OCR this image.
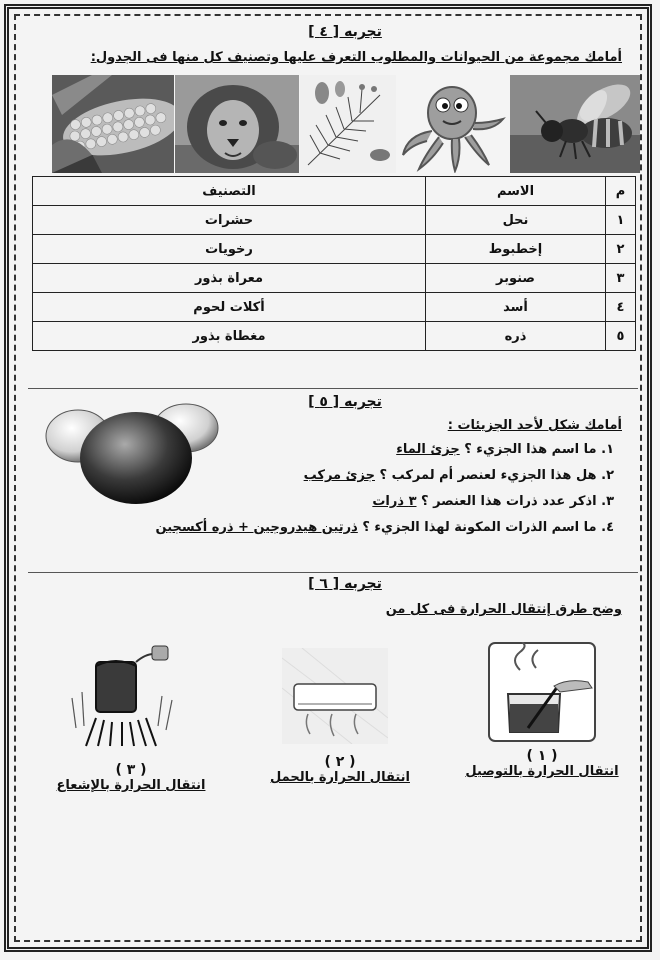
تجربه [ ٤ ]
أمامك مجموعة من الحيوانات والمطلوب التعرف عليها وتصنيف كل منها فى الجدول:
م	الاسم	التصنيف
١	نحل	حشرات
٢	إخطبوط	رخويات
٣	صنوبر	معراة بذور
٤	أسد	أكلات لحوم
٥	ذره	مغطاة بذور
تجربه [ ٥ ]
أمامك شكل لأحد الجزيئات :
١. ما اسم هذا الجزيء ؟ جزئ الماء
٢. هل هذا الجزيء لعنصر أم لمركب ؟ جزئ مركب
٣. اذكر عدد ذرات هذا العنصر ؟ ٣ ذرات
٤. ما اسم الذرات المكونة لهذا الجزيء ؟ ذرتين هيدروجين + ذره أكسجين
تجربه [ ٦ ]
وضح طرق إنتقال الحرارة فى كل من
( ١ )
انتقال الحرارة بالتوصيل
( ٢ )
انتقال الحرارة بالحمل
( ٣ )
انتقال الحرارة بالإشعاع
